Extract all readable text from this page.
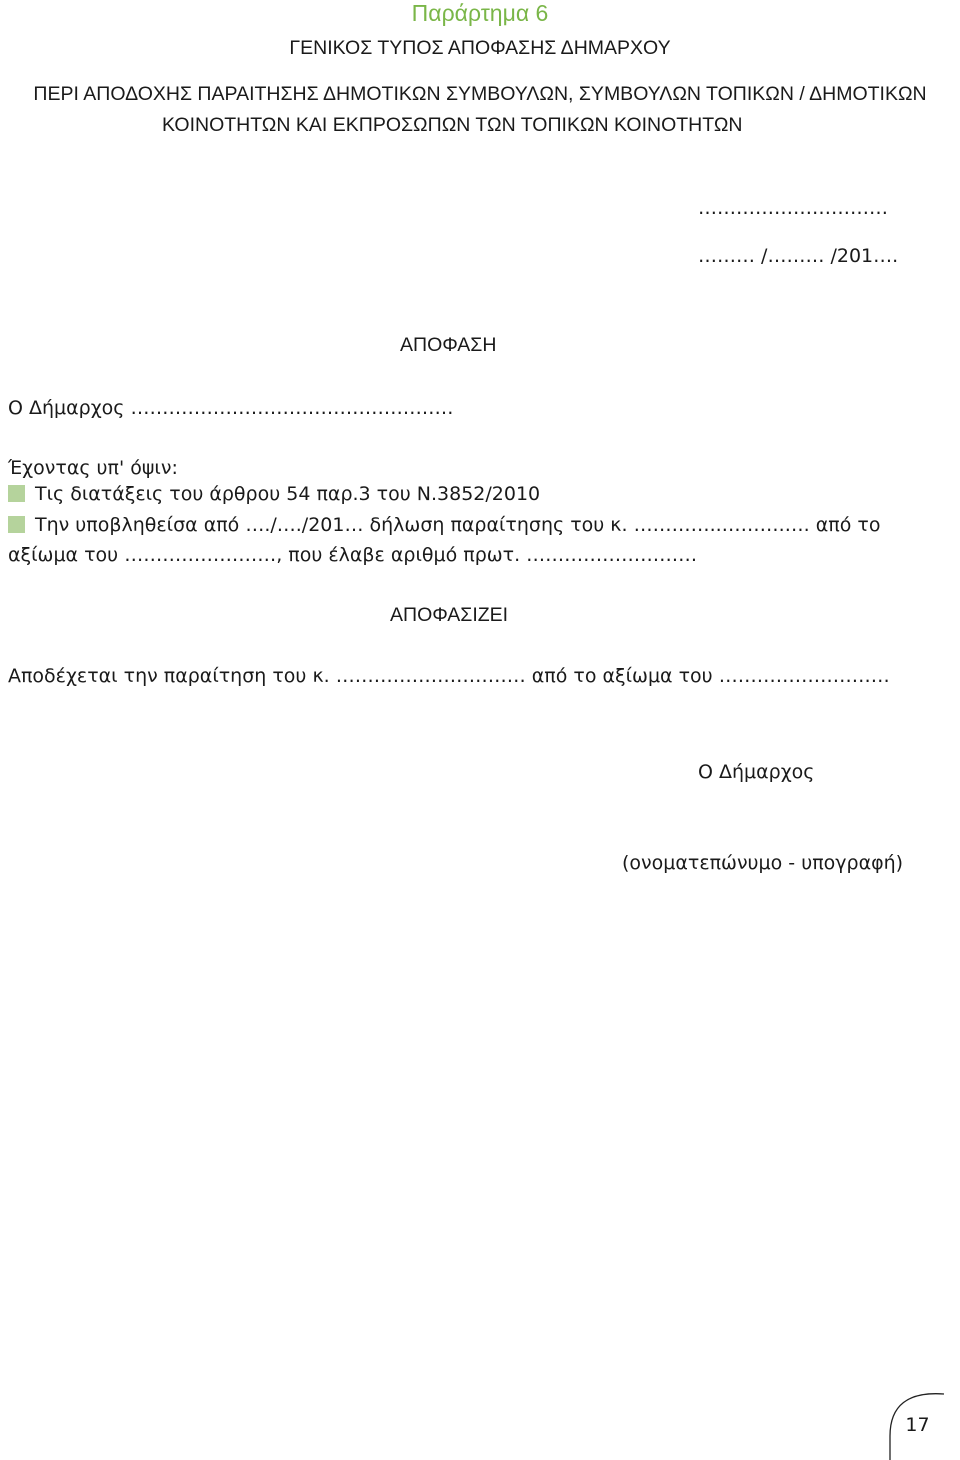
Παράρτημα 6
ΓΕΝΙΚΟΣ ΤΥΠΟΣ ΑΠΟΦΑΣΗΣ ΔΗΜΑΡΧΟΥ
ΠΕΡΙ ΑΠΟΔΟΧΗΣ ΠΑΡΑΙΤΗΣΗΣ ΔΗΜΟΤΙΚΩΝ ΣΥΜΒΟΥΛΩΝ, ΣΥΜΒΟΥΛΩΝ ΤΟΠΙΚΩΝ / ΔΗΜΟΤΙΚΩΝ
ΚΟΙΝΟΤΗΤΩΝ ΚΑΙ ΕΚΠΡΟΣΩΠΩΝ ΤΩΝ ΤΟΠΙΚΩΝ ΚΟΙΝΟΤΗΤΩΝ
…………………………
……… /……… /201….
ΑΠΟΦΑΣΗ
Ο Δήμαρχος ……………………………………………
Έχοντας υπ' όψιν:
Τις διατάξεις του άρθρου 54 παρ.3 του Ν.3852/2010
Την υποβληθείσα από …./…./201… δήλωση παραίτησης του κ. …………..……….…. από το
αξίωμα του ……………………, που έλαβε αριθμό πρωτ. ………………………
ΑΠΟΦΑΣΙΖΕΙ
Αποδέχεται την παραίτηση του κ. ………………………… από το αξίωμα του ………………………
Ο Δήμαρχος
(ονοματεπώνυμο - υπογραφή)
17
